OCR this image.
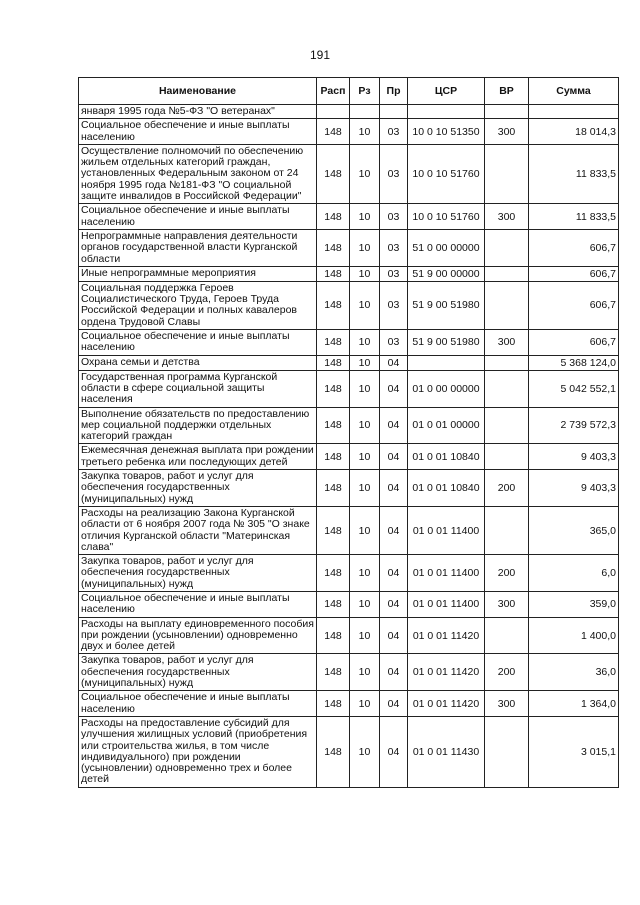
191
Наименование	Расп	Рз	Пр	ЦСР	ВР	Сумма
января 1995 года №5-ФЗ "О ветеранах"						
Социальное обеспечение и иные выплаты населению	148	10	03	10 0 10 51350	300	18 014,3
Осуществление полномочий по обеспечению жильем отдельных категорий граждан, установленных Федеральным законом от 24 ноября 1995 года №181-ФЗ "О социальной защите инвалидов в Российской Федерации"	148	10	03	10 0 10 51760		11 833,5
Социальное обеспечение и иные выплаты населению	148	10	03	10 0 10 51760	300	11 833,5
Непрограммные направления деятельности органов государственной власти Курганской области	148	10	03	51 0 00 00000		606,7
Иные непрограммные мероприятия	148	10	03	51 9 00 00000		606,7
Социальная поддержка Героев Социалистического Труда, Героев Труда Российской Федерации и полных кавалеров ордена Трудовой Славы	148	10	03	51 9 00 51980		606,7
Социальное обеспечение и иные выплаты населению	148	10	03	51 9 00 51980	300	606,7
Охрана семьи и детства	148	10	04			5 368 124,0
Государственная программа Курганской области в сфере социальной защиты населения	148	10	04	01 0 00 00000		5 042 552,1
Выполнение обязательств по предоставлению мер социальной поддержки отдельных категорий граждан	148	10	04	01 0 01 00000		2 739 572,3
Ежемесячная денежная выплата при рождении третьего ребенка или последующих детей	148	10	04	01 0 01 10840		9 403,3
Закупка товаров, работ и услуг для обеспечения государственных (муниципальных) нужд	148	10	04	01 0 01 10840	200	9 403,3
Расходы на реализацию Закона Курганской области от 6 ноября 2007 года № 305 "О знаке отличия Курганской области "Материнская слава"	148	10	04	01 0 01 11400		365,0
Закупка товаров, работ и услуг для обеспечения государственных (муниципальных) нужд	148	10	04	01 0 01 11400	200	6,0
Социальное обеспечение и иные выплаты населению	148	10	04	01 0 01 11400	300	359,0
Расходы на выплату единовременного пособия при рождении (усыновлении) одновременно двух и более детей	148	10	04	01 0 01 11420		1 400,0
Закупка товаров, работ и услуг для обеспечения государственных (муниципальных) нужд	148	10	04	01 0 01 11420	200	36,0
Социальное обеспечение и иные выплаты населению	148	10	04	01 0 01 11420	300	1 364,0
Расходы на предоставление субсидий для улучшения жилищных условий (приобретения или строительства жилья, в том числе индивидуального) при рождении (усыновлении) одновременно трех и более детей	148	10	04	01 0 01 11430		3 015,1
